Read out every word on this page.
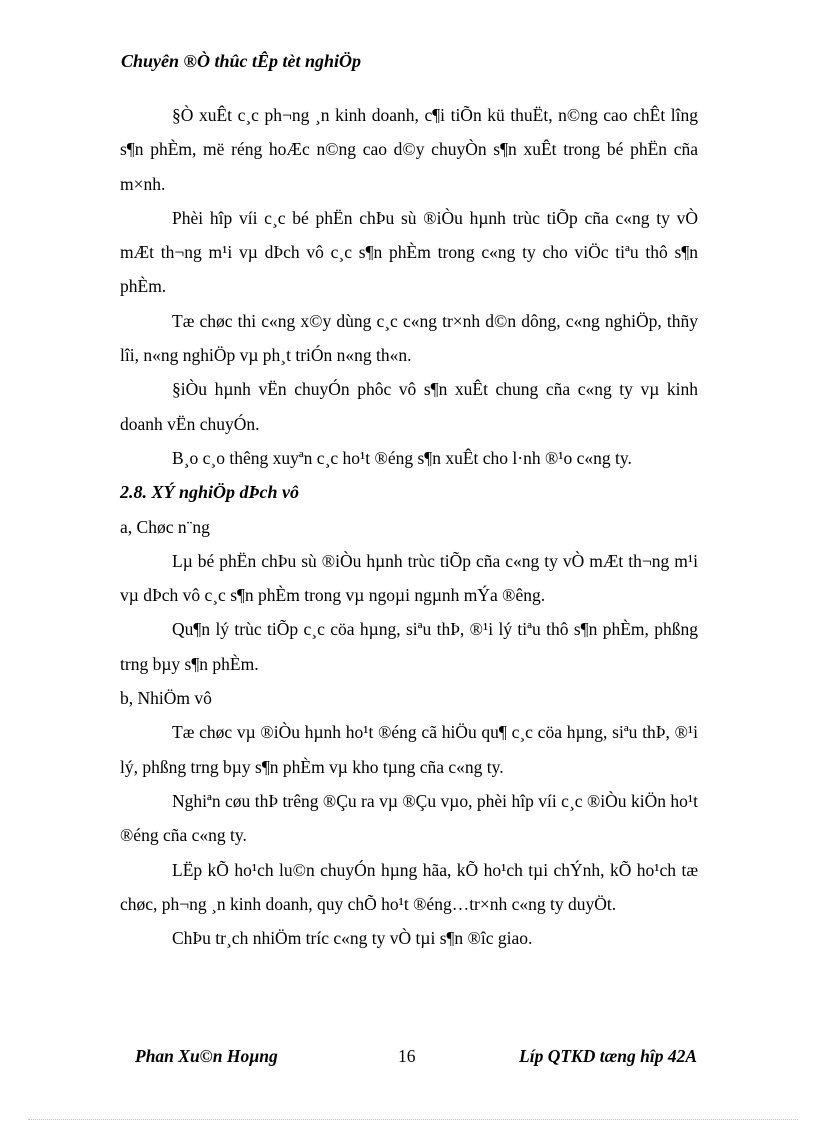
Chuyên ®Ò thûc tÊp tèt nghiÖp

§Ò xuÊt c¸c ph¬ng ¸n kinh doanh, c¶i tiÕn kü thuËt, n©ng cao chÊt lîng s¶n phÈm, më réng hoÆc n©ng cao d©y chuyÒn s¶n xuÊt trong bé phËn cña m×nh.

Phèi hîp víi c¸c bé phËn chÞu sù ®iÒu hµnh trùc tiÕp cña c«ng ty vÒ mÆt th¬ng m¹i vµ dÞch vô c¸c s¶n phÈm trong c«ng ty cho viÖc tiªu thô s¶n phÈm.

Tæ chøc thi c«ng x©y dùng c¸c c«ng tr×nh d©n dông, c«ng nghiÖp, thñy lîi, n«ng nghiÖp vµ ph¸t triÓn n«ng th«n.

§iÒu hµnh vËn chuyÓn phôc vô s¶n xuÊt chung cña c«ng ty vµ kinh doanh vËn chuyÓn.

B¸o c¸o thêng xuyªn c¸c ho¹t ®éng s¶n xuÊt cho l·nh ®¹o c«ng ty.

2.8. XÝ nghiÖp dÞch vô

a, Chøc n¨ng

Lµ bé phËn chÞu sù ®iÒu hµnh trùc tiÕp cña c«ng ty vÒ mÆt th¬ng m¹i vµ dÞch vô c¸c s¶n phÈm trong vµ ngoµi ngµnh mÝa ®êng.

Qu¶n lý trùc tiÕp c¸c cöa hµng, siªu thÞ, ®¹i lý tiªu thô s¶n phÈm, phßng trng bµy s¶n phÈm.

b, NhiÖm vô

Tæ chøc vµ ®iÒu hµnh ho¹t ®éng cã hiÖu qu¶ c¸c cöa hµng, siªu thÞ, ®¹i lý, phßng trng bµy s¶n phÈm vµ kho tµng cña c«ng ty.

Nghiªn cøu thÞ trêng ®Çu ra vµ ®Çu vµo, phèi hîp víi c¸c ®iÒu kiÖn ho¹t ®éng cña c«ng ty.

LËp kÕ ho¹ch lu©n chuyÓn hµng hãa, kÕ ho¹ch tµi chÝnh, kÕ ho¹ch tæ chøc, ph¬ng ¸n kinh doanh, quy chÕ ho¹t ®éng…tr×nh c«ng ty duyÖt.

ChÞu tr¸ch nhiÖm tríc c«ng ty vÒ tµi s¶n ®îc giao.

Phan Xu©n Hoµng	16	Líp QTKD tæng hîp 42A
